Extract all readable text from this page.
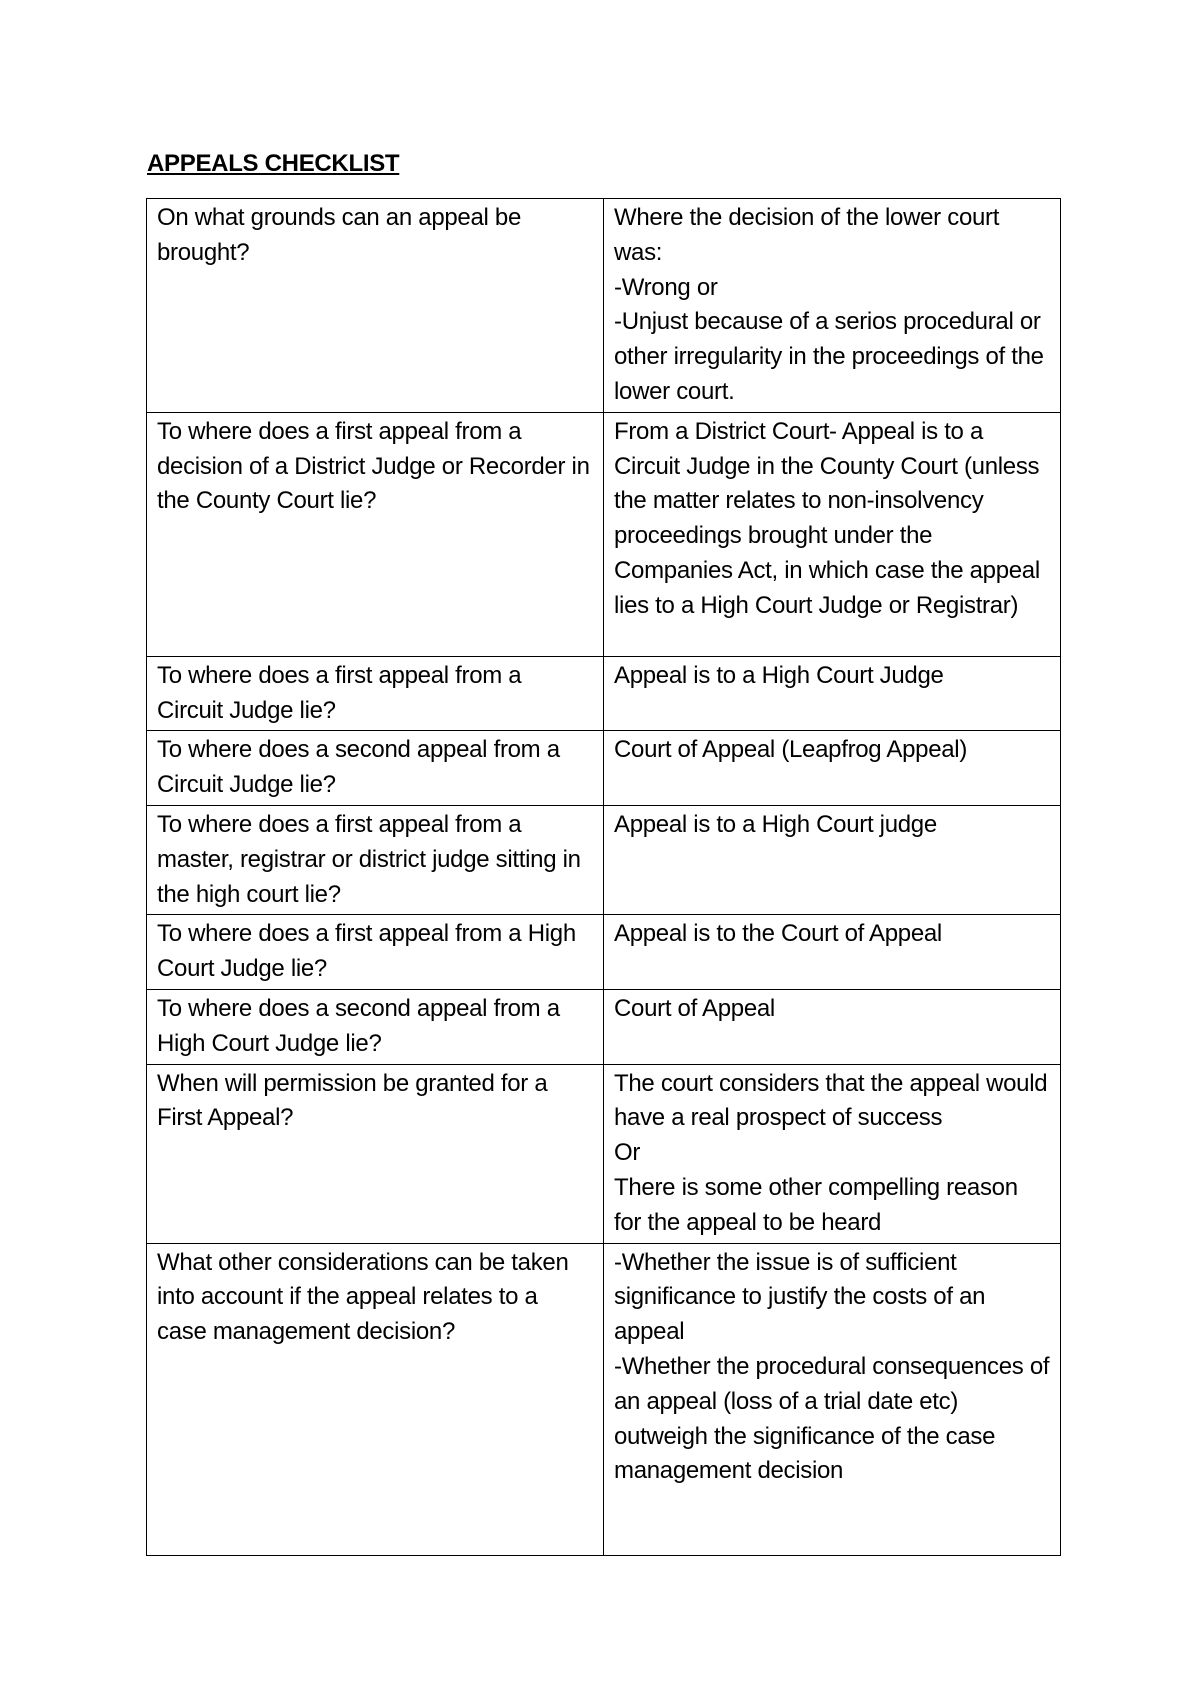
APPEALS CHECKLIST
On what grounds can an appeal be brought?	Where the decision of the lower court was:
-Wrong or
-Unjust because of a serios procedural or other irregularity in the proceedings of the lower court.

To where does a first appeal from a decision of a District Judge or Recorder in the County Court lie?	From a District Court- Appeal is to a Circuit Judge in the County Court (unless the matter relates to non-insolvency proceedings brought under the Companies Act, in which case the appeal lies to a High Court Judge or Registrar)

To where does a first appeal from a Circuit Judge lie?	Appeal is to a High Court Judge

To where does a second appeal from a Circuit Judge lie?	Court of Appeal (Leapfrog Appeal)

To where does a first appeal from a master, registrar or district judge sitting in the high court lie?	Appeal is to a High Court judge

To where does a first appeal from a High Court Judge lie?	Appeal is to the Court of Appeal

To where does a second appeal from a High Court Judge lie?	Court of Appeal

When will permission be granted for a First Appeal?	The court considers that the appeal would have a real prospect of success
Or
There is some other compelling reason for the appeal to be heard

What other considerations can be taken into account if the appeal relates to a case management decision?	-Whether the issue is of sufficient significance to justify the costs of an appeal
-Whether the procedural consequences of an appeal (loss of a trial date etc) outweigh the significance of the case management decision
